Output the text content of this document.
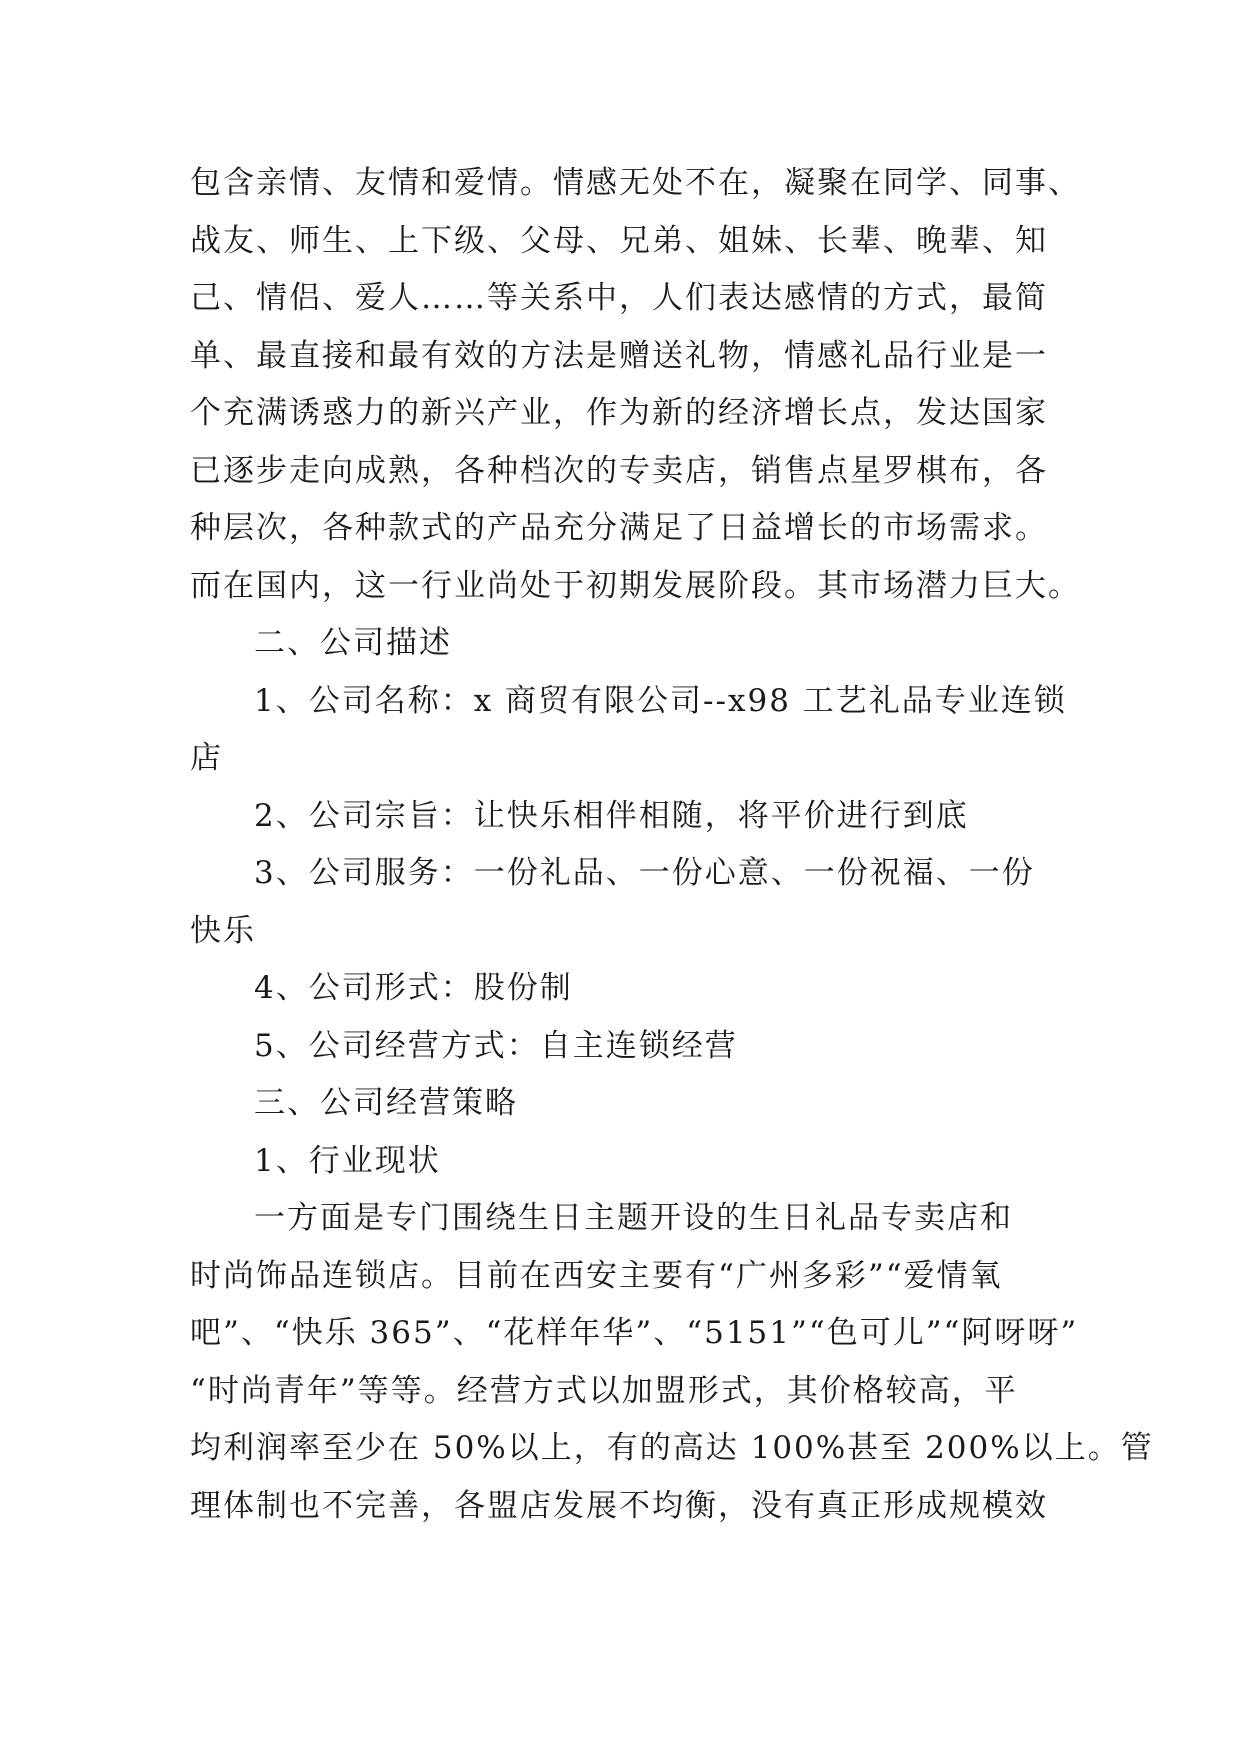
包含亲情、友情和爱情。情感无处不在，凝聚在同学、同事、
战友、师生、上下级、父母、兄弟、姐妹、长辈、晚辈、知
己、情侣、爱人……等关系中，人们表达感情的方式，最简
单、最直接和最有效的方法是赠送礼物，情感礼品行业是一
个充满诱惑力的新兴产业，作为新的经济增长点，发达国家
已逐步走向成熟，各种档次的专卖店，销售点星罗棋布，各
种层次，各种款式的产品充分满足了日益增长的市场需求。
而在国内，这一行业尚处于初期发展阶段。其市场潜力巨大。
二、公司描述
1、公司名称：x 商贸有限公司--x98 工艺礼品专业连锁
店
2、公司宗旨：让快乐相伴相随，将平价进行到底
3、公司服务：一份礼品、一份心意、一份祝福、一份
快乐
4、公司形式：股份制
5、公司经营方式：自主连锁经营
三、公司经营策略
1、行业现状
一方面是专门围绕生日主题开设的生日礼品专卖店和
时尚饰品连锁店。目前在西安主要有“广州多彩”“爱情氧
吧”、“快乐 365”、“花样年华”、“5151”“色可儿”“阿呀呀”
“时尚青年”等等。经营方式以加盟形式，其价格较高，平
均利润率至少在 50%以上，有的高达 100%甚至 200%以上。管
理体制也不完善，各盟店发展不均衡，没有真正形成规模效
